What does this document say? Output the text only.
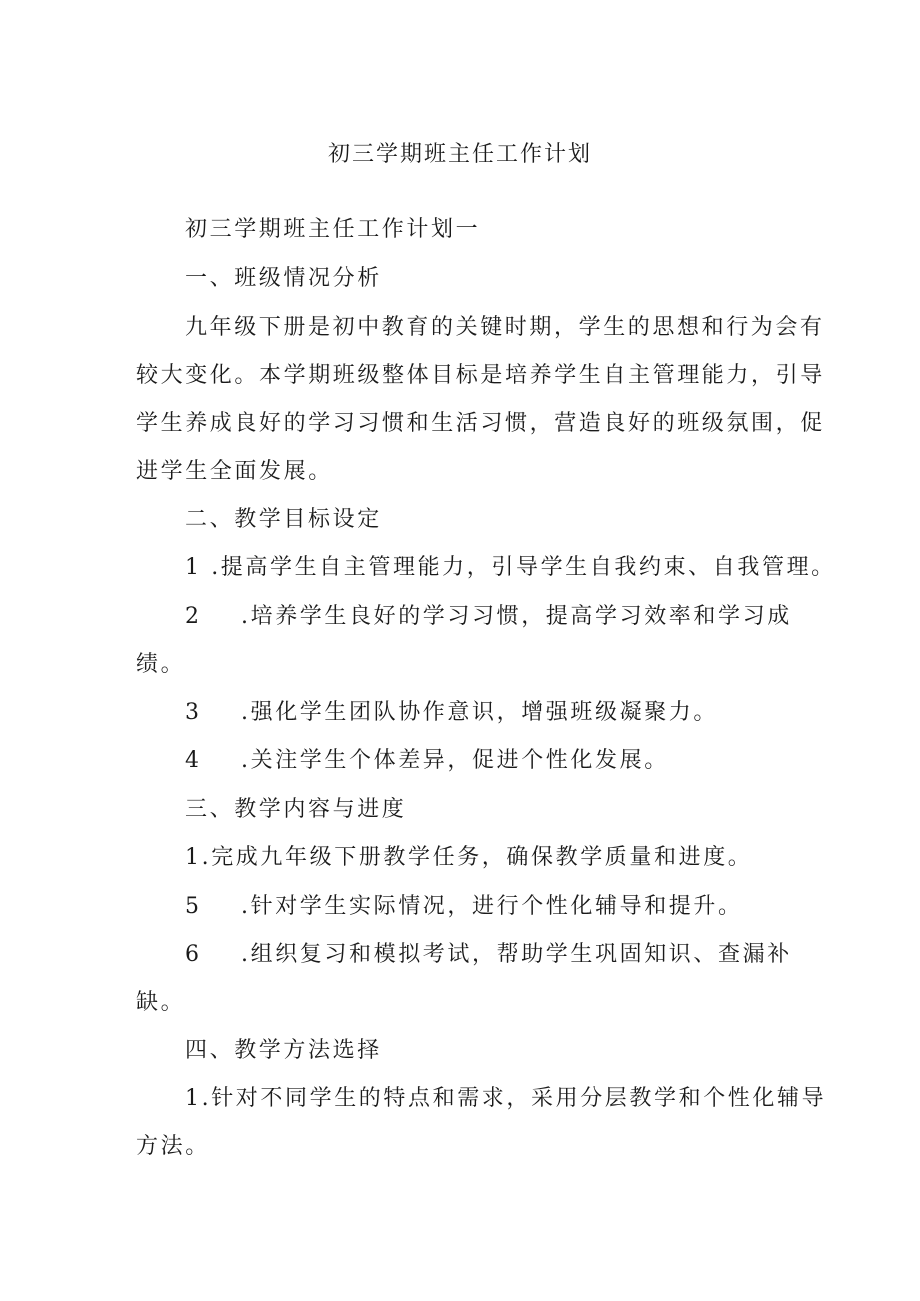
初三学期班主任工作计划
初三学期班主任工作计划一
一、班级情况分析
九年级下册是初中教育的关键时期，学生的思想和行为会有
较大变化。本学期班级整体目标是培养学生自主管理能力，引导
学生养成良好的学习习惯和生活习惯，营造良好的班级氛围，促
进学生全面发展。
二、教学目标设定
1 .提高学生自主管理能力，引导学生自我约束、自我管理。
2 .培养学生良好的学习习惯，提高学习效率和学习成
绩。
3 .强化学生团队协作意识，增强班级凝聚力。
4 .关注学生个体差异，促进个性化发展。
三、教学内容与进度
1.完成九年级下册教学任务，确保教学质量和进度。
5 .针对学生实际情况，进行个性化辅导和提升。
6 .组织复习和模拟考试，帮助学生巩固知识、查漏补
缺。
四、教学方法选择
1.针对不同学生的特点和需求，采用分层教学和个性化辅导
方法。
